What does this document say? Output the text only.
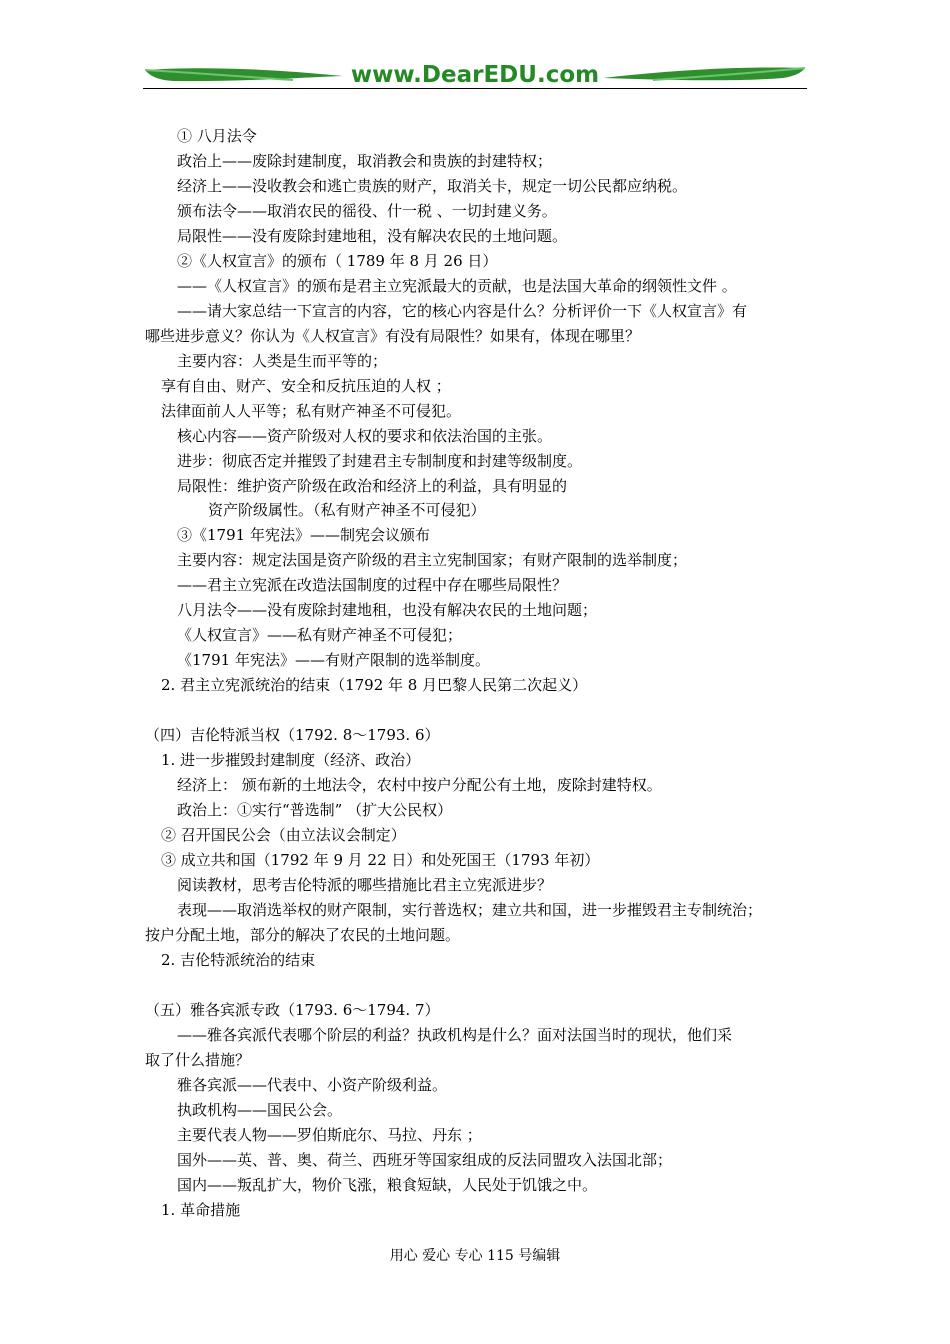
www.DearEDU.com
① 八月法令
政治上——废除封建制度，取消教会和贵族的封建特权；
经济上——没收教会和逃亡贵族的财产，取消关卡，规定一切公民都应纳税。
颁布法令——取消农民的徭役、什一税 、一切封建义务。
局限性——没有废除封建地租，没有解决农民的土地问题。
②《人权宣言》的颁布（ 1789 年 8 月 26 日）
——《人权宣言》的颁布是君主立宪派最大的贡献，也是法国大革命的纲领性文件 。
——请大家总结一下宣言的内容，它的核心内容是什么？分析评价一下《人权宣言》有
哪些进步意义？你认为《人权宣言》有没有局限性？如果有，体现在哪里？
主要内容：人类是生而平等的；
享有自由、财产、安全和反抗压迫的人权 ；
法律面前人人平等；私有财产神圣不可侵犯。
核心内容——资产阶级对人权的要求和依法治国的主张。
进步：彻底否定并摧毁了封建君主专制制度和封建等级制度。
局限性：维护资产阶级在政治和经济上的利益，具有明显的
资产阶级属性。（私有财产神圣不可侵犯）
③《1791 年宪法》——制宪会议颁布
主要内容：规定法国是资产阶级的君主立宪制国家；有财产限制的选举制度；
——君主立宪派在改造法国制度的过程中存在哪些局限性？
八月法令——没有废除封建地租，也没有解决农民的土地问题；
《人权宣言》——私有财产神圣不可侵犯；
《1791 年宪法》——有财产限制的选举制度。
2. 君主立宪派统治的结束（1792 年 8 月巴黎人民第二次起义）
（四）吉伦特派当权（1792. 8～1793. 6）
1. 进一步摧毁封建制度（经济、政治）
经济上： 颁布新的土地法令，农村中按户分配公有土地，废除封建特权。
政治上：①实行“普选制” （扩大公民权）
② 召开国民公会（由立法议会制定）
③ 成立共和国（1792 年 9 月 22 日）和处死国王（1793 年初）
阅读教材，思考吉伦特派的哪些措施比君主立宪派进步？
表现——取消选举权的财产限制，实行普选权；建立共和国，进一步摧毁君主专制统治；
按户分配土地，部分的解决了农民的土地问题。
2. 吉伦特派统治的结束
（五）雅各宾派专政（1793. 6～1794. 7）
——雅各宾派代表哪个阶层的利益？执政机构是什么？面对法国当时的现状，他们采
取了什么措施？
雅各宾派——代表中、小资产阶级利益。
执政机构——国民公会。
主要代表人物——罗伯斯庇尔、马拉、丹东 ；
国外——英、普、奥、荷兰、西班牙等国家组成的反法同盟攻入法国北部；
国内——叛乱扩大，物价飞涨，粮食短缺，人民处于饥饿之中。
1. 革命措施
用心 爱心 专心 115 号编辑
